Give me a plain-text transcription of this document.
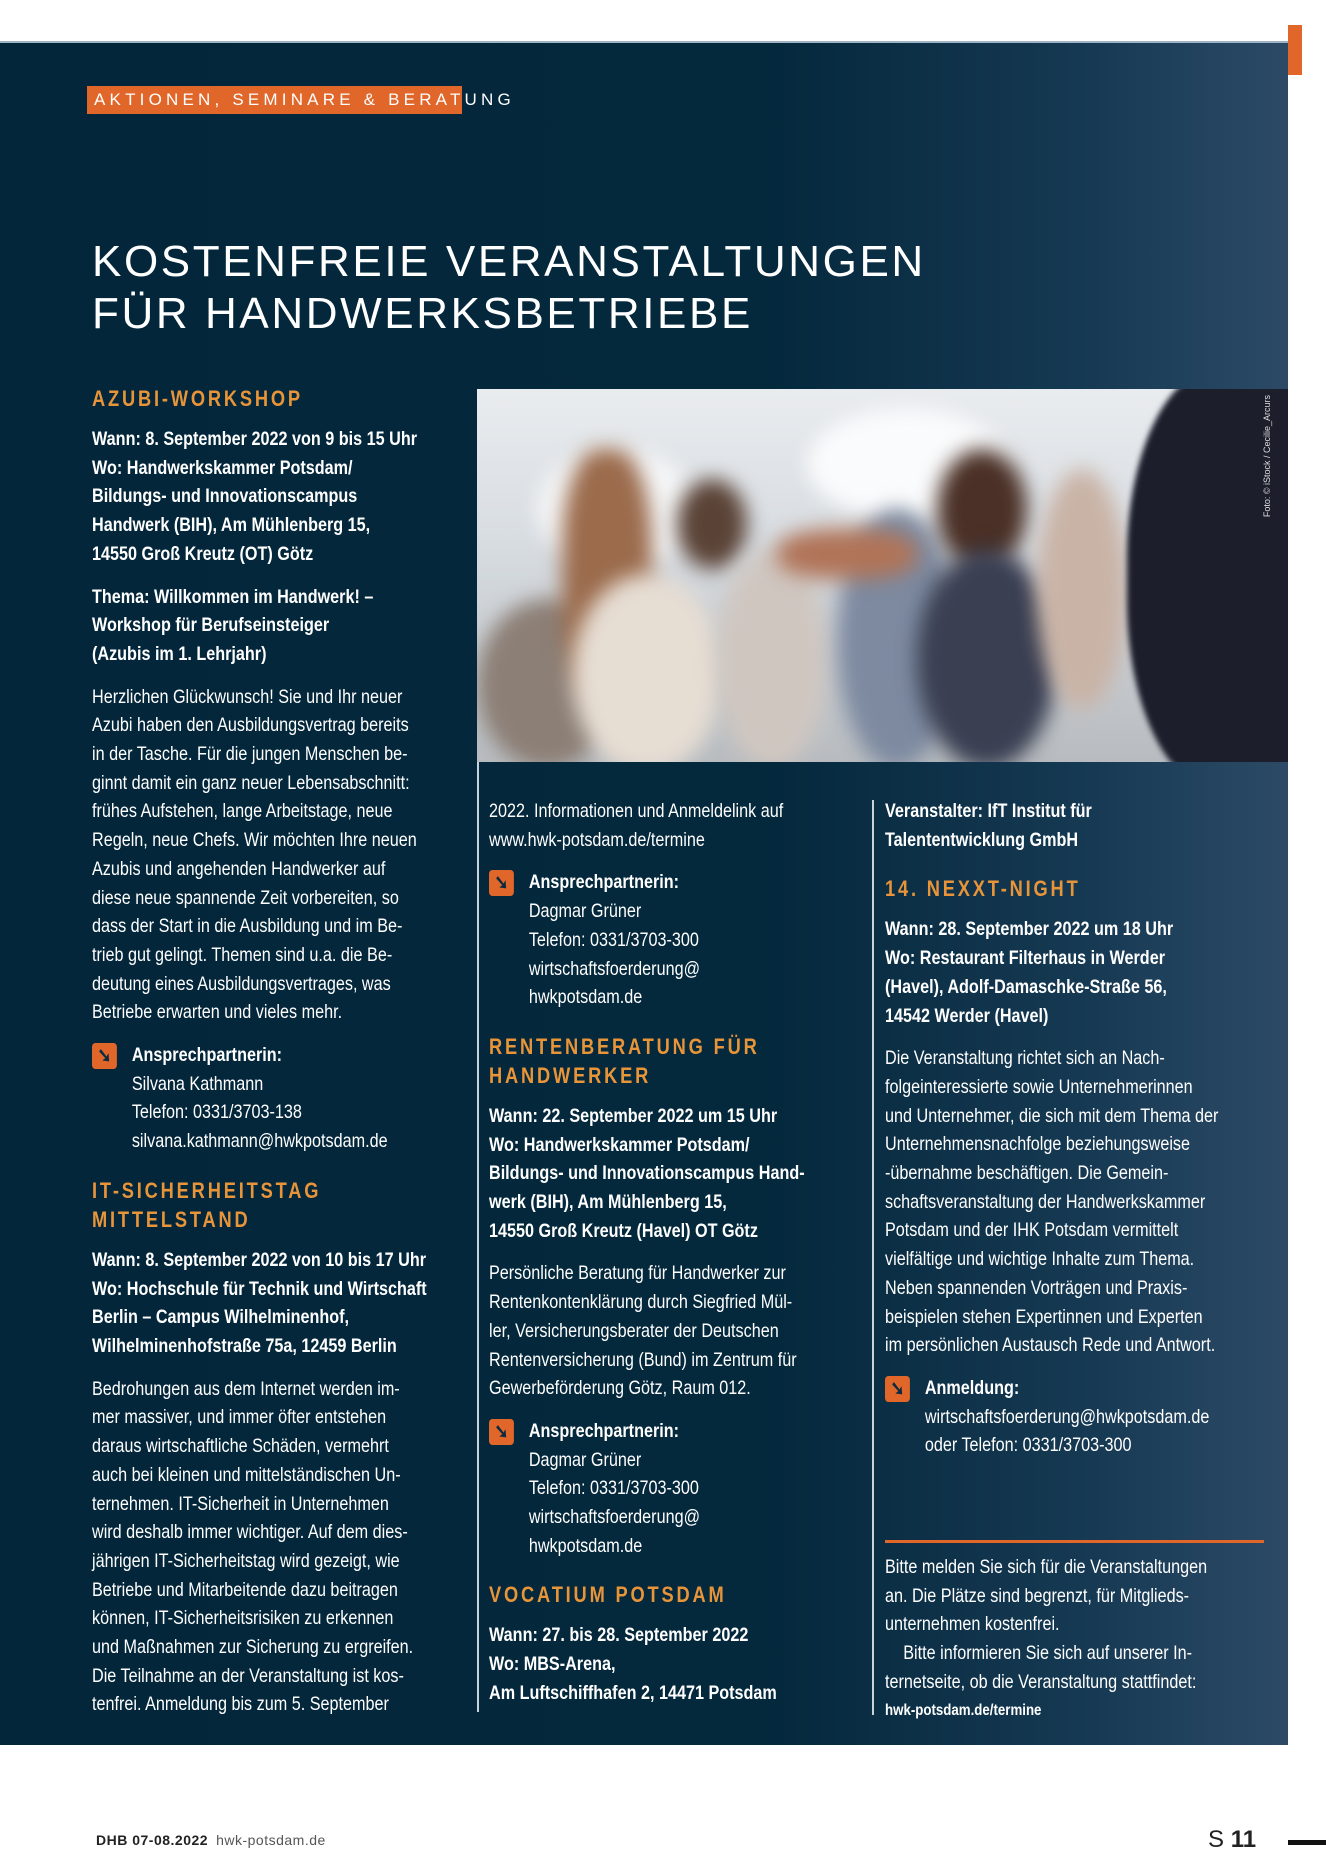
AKTIONEN, SEMINARE & BERATUNG
KOSTENFREIE VERANSTALTUNGEN
FÜR HANDWERKSBETRIEBE
Foto: © iStock / Cecilie_Arcurs
AZUBI-WORKSHOP
Wann: 8. September 2022 von 9 bis 15 Uhr
Wo: Handwerkskammer Potsdam/
Bildungs- und Innovationscampus
Handwerk (BIH), Am Mühlenberg 15,
14550 Groß Kreutz (OT) Götz
Thema: Willkommen im Handwerk! –
Workshop für Berufseinsteiger
(Azubis im 1. Lehrjahr)
Herzlichen Glückwunsch! Sie und Ihr neuer
Azubi haben den Ausbildungsvertrag bereits
in der Tasche. Für die jungen Menschen be-
ginnt damit ein ganz neuer Lebensabschnitt:
frühes Aufstehen, lange Arbeitstage, neue
Regeln, neue Chefs. Wir möchten Ihre neuen
Azubis und angehenden Handwerker auf
diese neue spannende Zeit vorbereiten, so
dass der Start in die Ausbildung und im Be-
trieb gut gelingt. Themen sind u.a. die Be-
deutung eines Ausbildungsvertrages, was
Betriebe erwarten und vieles mehr.
➘ Ansprechpartnerin:
Silvana Kathmann
Telefon: 0331/3703-138
silvana.kathmann@hwkpotsdam.de
IT-SICHERHEITSTAG
MITTELSTAND
Wann: 8. September 2022 von 10 bis 17 Uhr
Wo: Hochschule für Technik und Wirtschaft
Berlin – Campus Wilhelminenhof,
Wilhelminenhofstraße 75a, 12459 Berlin
Bedrohungen aus dem Internet werden im-
mer massiver, und immer öfter entstehen
daraus wirtschaftliche Schäden, vermehrt
auch bei kleinen und mittelständischen Un-
ternehmen. IT-Sicherheit in Unternehmen
wird deshalb immer wichtiger. Auf dem dies-
jährigen IT-Sicherheitstag wird gezeigt, wie
Betriebe und Mitarbeitende dazu beitragen
können, IT-Sicherheitsrisiken zu erkennen
und Maßnahmen zur Sicherung zu ergreifen.
Die Teilnahme an der Veranstaltung ist kos-
tenfrei. Anmeldung bis zum 5. September
2022. Informationen und Anmeldelink auf
www.hwk-potsdam.de/termine
➘ Ansprechpartnerin:
Dagmar Grüner
Telefon: 0331/3703-300
wirtschaftsfoerderung@
hwkpotsdam.de
RENTENBERATUNG FÜR
HANDWERKER
Wann: 22. September 2022 um 15 Uhr
Wo: Handwerkskammer Potsdam/
Bildungs- und Innovationscampus Hand-
werk (BIH), Am Mühlenberg 15,
14550 Groß Kreutz (Havel) OT Götz
Persönliche Beratung für Handwerker zur
Rentenkontenklärung durch Siegfried Mül-
ler, Versicherungsberater der Deutschen
Rentenversicherung (Bund) im Zentrum für
Gewerbeförderung Götz, Raum 012.
➘ Ansprechpartnerin:
Dagmar Grüner
Telefon: 0331/3703-300
wirtschaftsfoerderung@
hwkpotsdam.de
VOCATIUM POTSDAM
Wann: 27. bis 28. September 2022
Wo: MBS-Arena,
Am Luftschiffhafen 2, 14471 Potsdam
Veranstalter: IfT Institut für
Talententwicklung GmbH
14. NEXXT-NIGHT
Wann: 28. September 2022 um 18 Uhr
Wo: Restaurant Filterhaus in Werder
(Havel), Adolf-Damaschke-Straße 56,
14542 Werder (Havel)
Die Veranstaltung richtet sich an Nach-
folgeinteressierte sowie Unternehmerinnen
und Unternehmer, die sich mit dem Thema der
Unternehmensnachfolge beziehungsweise
-übernahme beschäftigen. Die Gemein-
schaftsveranstaltung der Handwerkskammer
Potsdam und der IHK Potsdam vermittelt
vielfältige und wichtige Inhalte zum Thema.
Neben spannenden Vorträgen und Praxis-
beispielen stehen Expertinnen und Experten
im persönlichen Austausch Rede und Antwort.
➘ Anmeldung:
wirtschaftsfoerderung@hwkpotsdam.de
oder Telefon: 0331/3703-300
Bitte melden Sie sich für die Veranstaltungen
an. Die Plätze sind begrenzt, für Mitglieds-
unternehmen kostenfrei.
Bitte informieren Sie sich auf unserer In-
ternetseite, ob die Veranstaltung stattfindet:
hwk-potsdam.de/termine
DHB 07-08.2022 hwk-potsdam.de	S 11
